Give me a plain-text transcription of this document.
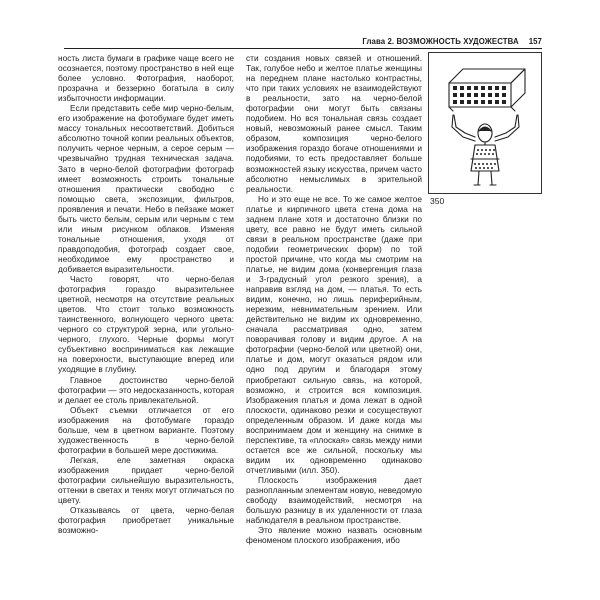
Глава 2. ВОЗМОЖНОСТЬ ХУДОЖЕСТВА 157

ность листа бумаги в графике чаще всего не осознается, поэтому пространство в ней еще более условно. Фотография, наоборот, прозрачна и беззеркно богатыла в силу избыточности информации.

Если представить себе мир черно-белым, его изображение на фотобумаге будет иметь массу тональных несоответствий. Добиться абсолютно точной копии реальных объектов, получить черное черным, а серое серым — чрезвычайно трудная техническая задача. Зато в черно-белой фотографии фотограф имеет возможность строить тональные отношения практически свободно с помощью света, экспозиции, фильтров, проявления и печати. Небо в пейзаже может быть чисто белым, серым или черным с тем или иным рисунком облаков. Изменяя тональные отношения, уходя от правдоподобия, фотограф создает свое, необходимое ему пространство и добивается выразительности.

Часто говорят, что черно-белая фотография гораздо выразительнее цветной, несмотря на отсутствие реальных цветов. Что стоит только возможность таинственного, волнующего черного цвета: черного со структурой зерна, или угольно-черного, глухого. Черные формы могут субъективно восприниматься как лежащие на поверхности, выступающие вперед или уходящие в глубину.

Главное достоинство черно-белой фотографии — это недосказанность, которая и делает ее столь привлекательной.

Объект съемки отличается от его изображения на фотобумаге гораздо больше, чем в цветном варианте. Поэтому художественность в черно-белой фотографии в большей мере достижима.

Легкая, еле заметная окраска изображения придает черно-белой фотографии сильнейшую выразительность, оттенки в светах и тенях могут отличаться по цвету.

Отказываясь от цвета, черно-белая фотография приобретает уникальные возможно-

сти создания новых связей и отношений. Так, голубое небо и желтое платье женщины на переднем плане настолько контрастны, что при таких условиях не взаимодействуют в реальности, зато на черно-белой фотографии они могут быть связаны подобием. Но вся тональная связь создает новый, невозможный ранее смысл. Таким образом, композиция черно-белого изображения гораздо богаче отношениями и подобиями, то есть предоставляет больше возможностей языку искусства, причем часто абсолютно немыслимых в зрительной реальности.

Но и это еще не все. То же самое желтое платье и кирпичного цвета стена дома на заднем плане хотя и достаточно близки по цвету, все равно не будут иметь сильной связи в реальном пространстве (даже при подобии геометрических форм) по той простой причине, что когда мы смотрим на платье, не видим дома (конвергенция глаза и 3-градусный угол резкого зрения), а направив взгляд на дом, — платья. То есть видим, конечно, но лишь периферийным, нерезким, невнимательным зрением. Или действительно не видим их одновременно, сначала рассматривая одно, затем поворачивая голову и видим другое. А на фотографии (черно-белой или цветной) они, платье и дом, могут оказаться рядом или одно под другим и благодаря этому приобретают сильную связь, на которой, возможно, и строится вся композиция. Изображения платья и дома лежат в одной плоскости, одинаково резки и сосуществуют определенным образом. И даже когда мы воспринимаем дом и женщину на снимке в перспективе, та «плоская» связь между ними остается все же сильной, поскольку мы видим их одновременно одинаково отчетливыми (илл. 350).

Плоскость изображения дает разнопланным элементам новую, неведомую свободу взаимодействий, несмотря на большую разницу в их удаленности от глаза наблюдателя в реальном пространстве.

Это явление можно назвать основным феноменом плоского изображения, ибо

350
